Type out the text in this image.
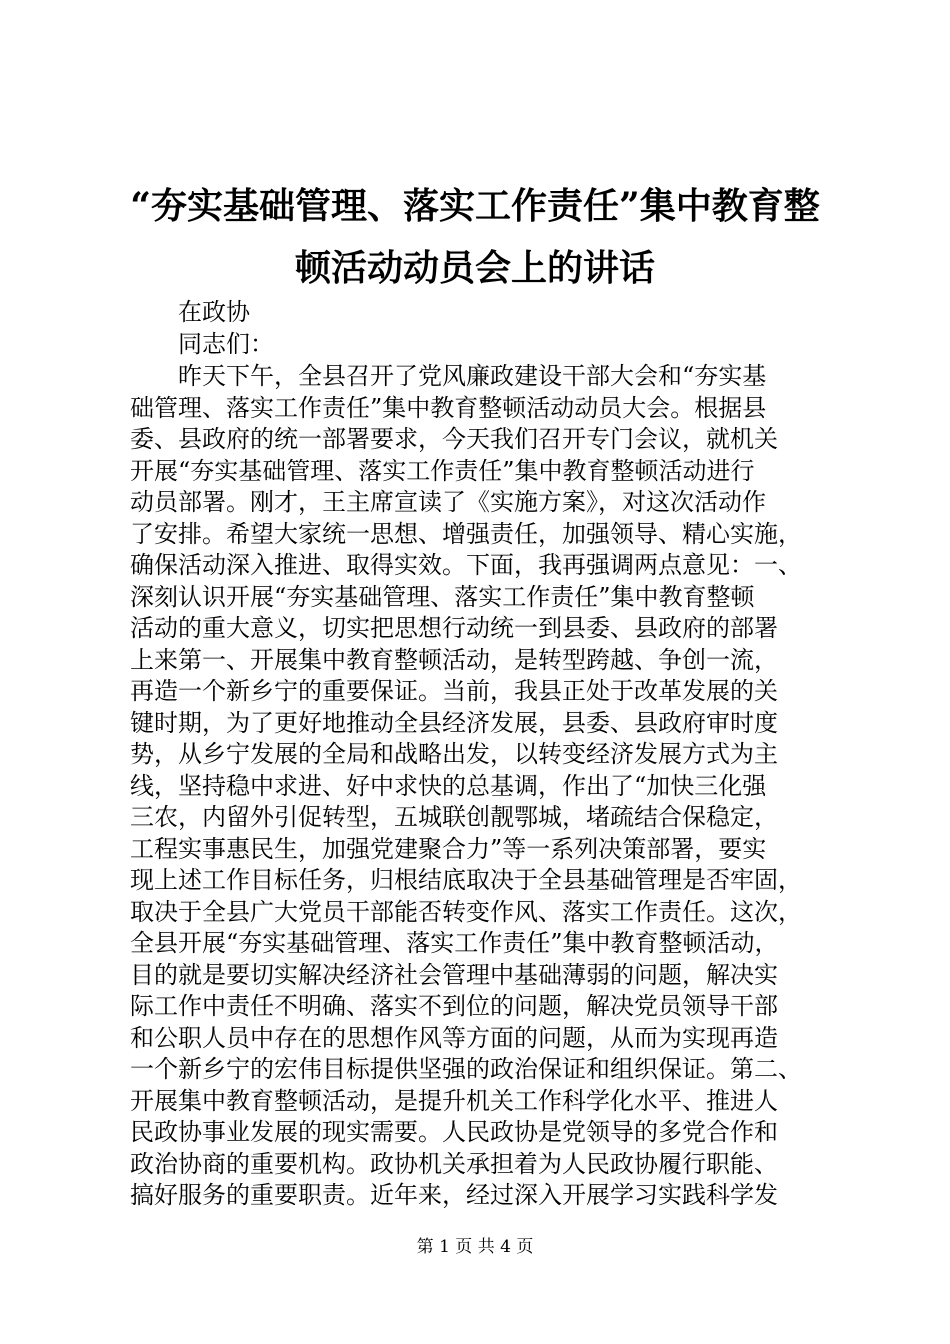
“夯实基础管理、落实工作责任”集中教育整
顿活动动员会上的讲话

在政协

同志们：

昨天下午，全县召开了党风廉政建设干部大会和“夯实基
础管理、落实工作责任”集中教育整顿活动动员大会。根据县
委、县政府的统一部署要求，今天我们召开专门会议，就机关
开展“夯实基础管理、落实工作责任”集中教育整顿活动进行
动员部署。刚才，王主席宣读了《实施方案》，对这次活动作
了安排。希望大家统一思想、增强责任，加强领导、精心实施，
确保活动深入推进、取得实效。下面，我再强调两点意见：一、
深刻认识开展“夯实基础管理、落实工作责任”集中教育整顿
活动的重大意义，切实把思想行动统一到县委、县政府的部署
上来第一、开展集中教育整顿活动，是转型跨越、争创一流，
再造一个新乡宁的重要保证。当前，我县正处于改革发展的关
键时期，为了更好地推动全县经济发展，县委、县政府审时度
势，从乡宁发展的全局和战略出发，以转变经济发展方式为主
线，坚持稳中求进、好中求快的总基调，作出了“加快三化强
三农，内留外引促转型，五城联创靓鄂城，堵疏结合保稳定，
工程实事惠民生，加强党建聚合力”等一系列决策部署，要实
现上述工作目标任务，归根结底取决于全县基础管理是否牢固，
取决于全县广大党员干部能否转变作风、落实工作责任。这次，
全县开展“夯实基础管理、落实工作责任”集中教育整顿活动，
目的就是要切实解决经济社会管理中基础薄弱的问题，解决实
际工作中责任不明确、落实不到位的问题，解决党员领导干部
和公职人员中存在的思想作风等方面的问题，从而为实现再造
一个新乡宁的宏伟目标提供坚强的政治保证和组织保证。第二、
开展集中教育整顿活动，是提升机关工作科学化水平、推进人
民政协事业发展的现实需要。人民政协是党领导的多党合作和
政治协商的重要机构。政协机关承担着为人民政协履行职能、
搞好服务的重要职责。近年来，经过深入开展学习实践科学发
第 1 页 共 4 页
